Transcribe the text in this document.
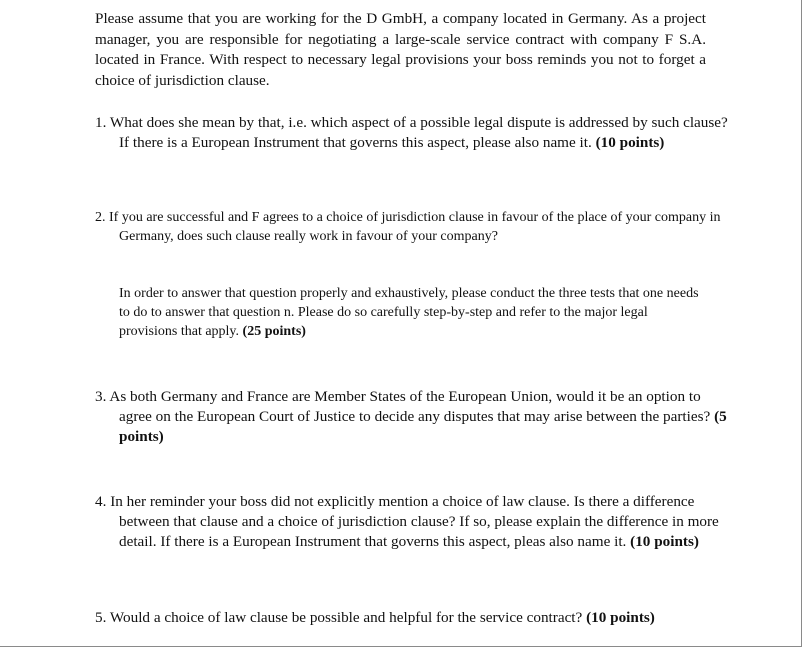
Please assume that you are working for the D GmbH, a company located in Germany. As a project manager, you are responsible for negotiating a large-scale service contract with company F S.A. located in France. With respect to necessary legal provisions your boss reminds you not to forget a choice of jurisdiction clause.

1. What does she mean by that, i.e. which aspect of a possible legal dispute is addressed by such clause? If there is a European Instrument that governs this aspect, please also name it. (10 points)

2. If you are successful and F agrees to a choice of jurisdiction clause in favour of the place of your company in Germany, does such clause really work in favour of your company?

In order to answer that question properly and exhaustively, please conduct the three tests that one needs to do to answer that question n. Please do so carefully step-by-step and refer to the major legal provisions that apply. (25 points)

3. As both Germany and France are Member States of the European Union, would it be an option to agree on the European Court of Justice to decide any disputes that may arise between the parties? (5 points)

4. In her reminder your boss did not explicitly mention a choice of law clause. Is there a difference between that clause and a choice of jurisdiction clause? If so, please explain the difference in more detail. If there is a European Instrument that governs this aspect, pleas also name it. (10 points)

5. Would a choice of law clause be possible and helpful for the service contract? (10 points)
